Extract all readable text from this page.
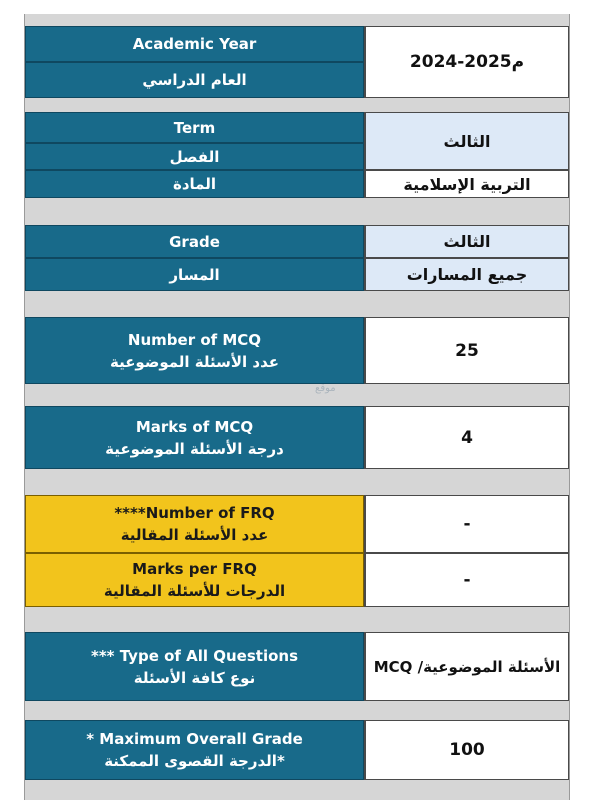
Academic Year
العام الدراسي
2024-2025م
Term
الفصل
المادة
الثالث
التربية الإسلامية
Grade
المسار
الثالث
جميع المسارات
Number of MCQ
عدد الأسئلة الموضوعية
25
Marks of MCQ
درجة الأسئلة الموضوعية
4
****Number of FRQ
عدد الأسئلة المقالية
-
Marks per FRQ
الدرجات للأسئلة المقالية
-
*** Type of All Questions
نوع كافة الأسئلة
الأسئلة الموضوعية/ MCQ
* Maximum Overall Grade
*الدرجة القصوى الممكنة
100
موقع
